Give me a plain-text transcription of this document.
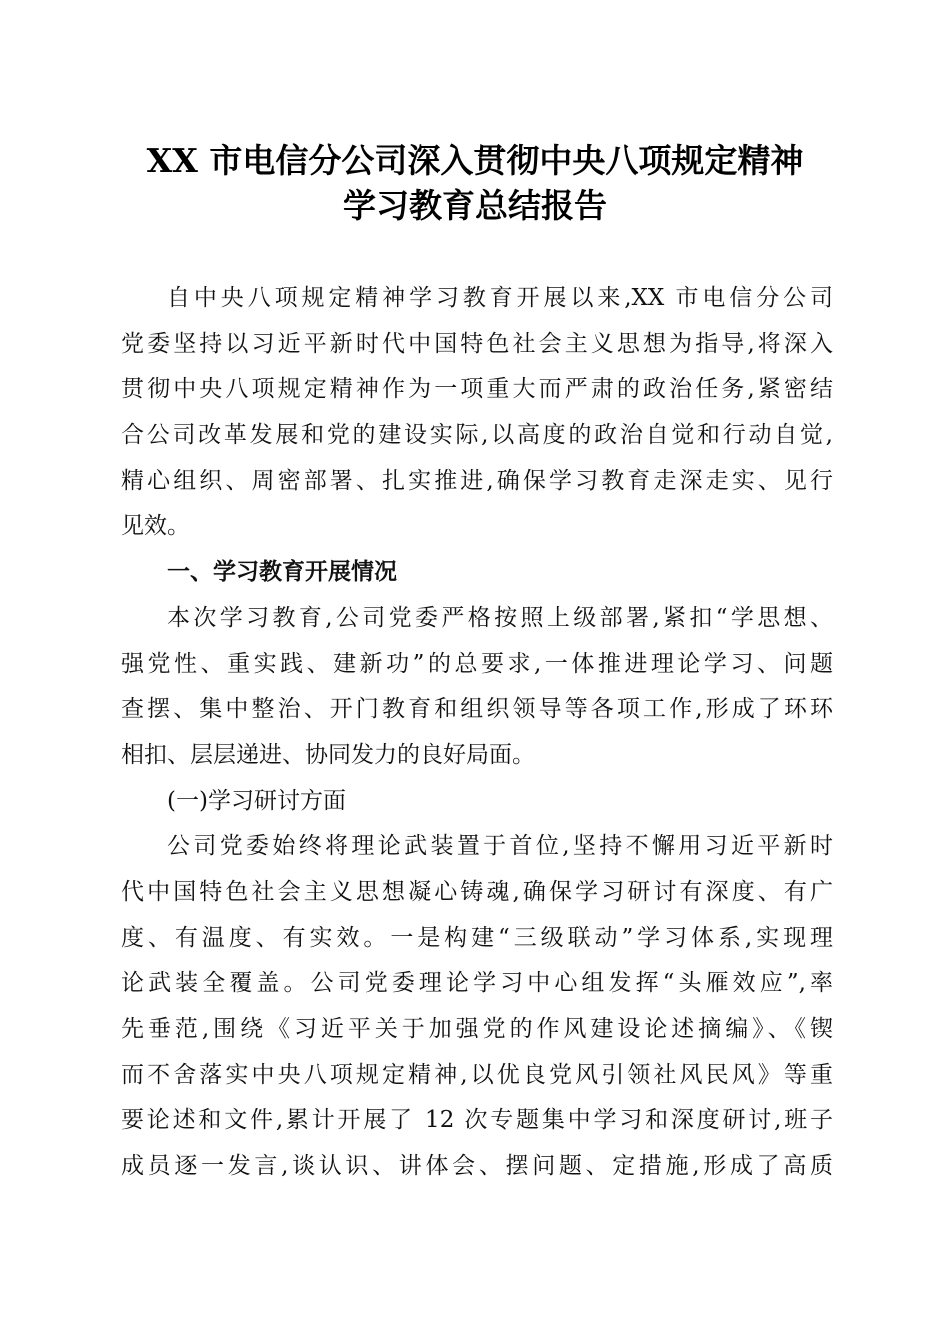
XX 市电信分公司深入贯彻中央八项规定精神
学习教育总结报告
自中央八项规定精神学习教育开展以来,XX 市电信分公司
党委坚持以习近平新时代中国特色社会主义思想为指导,将深入
贯彻中央八项规定精神作为一项重大而严肃的政治任务,紧密结
合公司改革发展和党的建设实际,以高度的政治自觉和行动自觉,
精心组织、周密部署、扎实推进,确保学习教育走深走实、见行
见效。
一、学习教育开展情况
本次学习教育,公司党委严格按照上级部署,紧扣“学思想、
强党性、重实践、建新功”的总要求,一体推进理论学习、问题
查摆、集中整治、开门教育和组织领导等各项工作,形成了环环
相扣、层层递进、协同发力的良好局面。
(一)学习研讨方面
公司党委始终将理论武装置于首位,坚持不懈用习近平新时
代中国特色社会主义思想凝心铸魂,确保学习研讨有深度、有广
度、有温度、有实效。一是构建“三级联动”学习体系,实现理
论武装全覆盖。公司党委理论学习中心组发挥“头雁效应”,率
先垂范,围绕《习近平关于加强党的作风建设论述摘编》、《锲
而不舍落实中央八项规定精神,以优良党风引领社风民风》等重
要论述和文件,累计开展了 12 次专题集中学习和深度研讨,班子
成员逐一发言,谈认识、讲体会、摆问题、定措施,形成了高质
